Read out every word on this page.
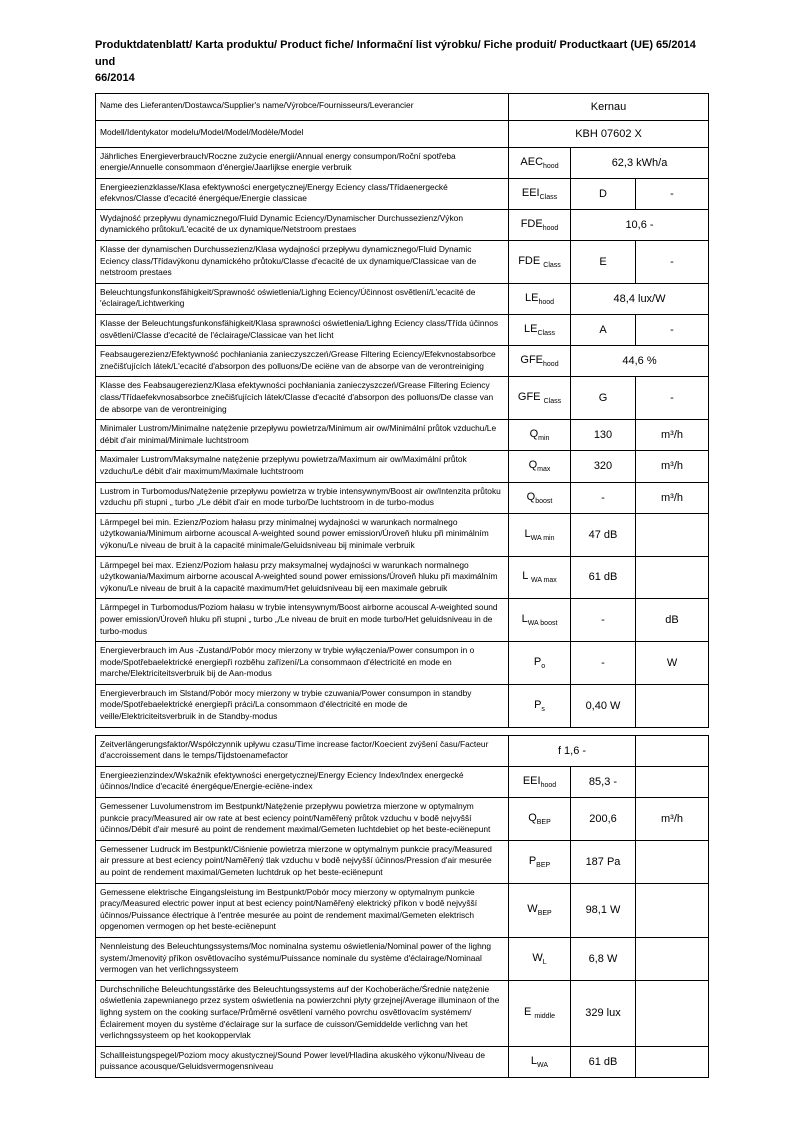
Produktdatenblatt/ Karta produktu/ Product fiche/ Informační list výrobku/ Fiche produit/ Productkaart (UE) 65/2014 und
66/2014
Name des Lieferanten/Dostawca/Supplier's name/Výrobce/Fournisseurs/Leverancier	Kernau		
Modell/Identykator modelu/Model/Model/Modèle/Model	KBH 07602 X		
Jährliches Energieverbrauch/Roczne zużycie energii/Annual energy consumpon/Roční spotřeba energie/Annuelle consommaon d'énergie/Jaarlijkse energie verbruik	$AEC_{hood}$	62,3 kWh/a	
Energieezienzklasse/Klasa efektywności energetycznej/Energy Eciency class/Třídaenergecké efekvnos/Classe d'ecacité énergéque/Energie classicae	$EEI_{Class}$	D	-
Wydajność przepływu dynamicznego/Fluid Dynamic Eciency/Dynamischer Durchussezienz/Výkon dynamického průtoku/L'ecacité de ux dynamique/Netstroom prestaes	$FDE_{hood}$	10,6 -	
Klasse der dynamischen Durchussezienz/Klasa wydajności przepływu dynamicznego/Fluid Dynamic Eciency class/Třídavýkonu dynamického průtoku/Classe d'ecacité de ux dynamique/Classicae van de netstroom prestaes	FDE $_{Class}$	E	-
Beleuchtungsfunkonsfähigkeit/Sprawność oświetlenia/Lighng Eciency/Účinnost osvětlení/L'ecacité de 'éclairage/Lichtwerking	$LE_{hood}$	48,4 lux/W	
Klasse der Beleuchtungsfunkonsfähigkeit/Klasa sprawności oświetlenia/Lighng Eciency class/Třída účinnos osvětlení/Classe d'ecacité de l'éclairage/Classicae van het licht	$LE_{Class}$	A	-
Feabsaugerezienz/Efektywność pochłaniania zanieczyszczeń/Grease Filtering Eciency/Efekvnostabsorbce znečišťujících látek/L'ecacité d'absorpon des polluons/De eciëne van de absorpe van de verontreiniging	$GFE_{hood}$	44,6 %	
Klasse des Feabsaugerezienz/Klasa efektywności pochłaniania zanieczyszczeń/Grease Filtering Eciency class/Třídaefekvnosabsorbce znečišťujících látek/Classe d'ecacité d'absorpon des polluons/De classe van de absorpe van de verontreiniging	GFE $_{Class}$	G	-
Minimaler Lustrom/Minimalne natężenie przepływu powietrza/Minimum air ow/Minimální průtok vzduchu/Le débit d'air minimal/Minimale luchtstroom	$Q_{min}$	130	m³/h
Maximaler Lustrom/Maksymalne natężenie przepływu powietrza/Maximum air ow/Maximální průtok vzduchu/Le débit d'air maximum/Maximale luchtstroom	$Q_{max}$	320	m³/h
Lustrom in Turbomodus/Natężenie przepływu powietrza w trybie intensywnym/Boost air ow/Intenzita průtoku vzduchu při stupni „ turbo „/Le débit d'air en mode turbo/De luchtstroom in de turbo-modus	$Q_{boost}$	-	m³/h
Lärmpegel bei min. Ezienz/Poziom hałasu przy minimalnej wydajności w warunkach normalnego użytkowania/Minimum airborne acouscal A-weighted sound power emission/Úroveň hluku při minimálním výkonu/Le niveau de bruit à la capacité minimale/Geluidsniveau bij minimale verbruik	$L_{WA min}$	47 dB	
Lärmpegel bei max. Ezienz/Poziom hałasu przy maksymalnej wydajności w warunkach normalnego użytkowania/Maximum airborne acouscal A-weighted sound power emissions/Úroveň hluku při maximálním výkonu/Le niveau de bruit à la capacité maximum/Het geluidsniveau bij een maximale gebruik	L $_{WA max}$	61 dB	
Lärmpegel in Turbomodus/Poziom hałasu w trybie intensywnym/Boost airborne acouscal A-weighted sound power emission/Úroveň hluku při stupni „ turbo „/Le niveau de bruit en mode turbo/Het geluidsniveau in de turbo-modus	$L_{WA boost}$	-	dB
Energieverbrauch im Aus -Zustand/Pobór mocy mierzony w trybie wyłączenia/Power consumpon in o mode/Spotřebaelektrické energiepři rozběhu zařízení/La consommaon d'électricité en mode en marche/Elektriciteitsverbruik bij de Aan-modus	$P_o$	-	W
Energieverbrauch im Slstand/Pobór mocy mierzony w trybie czuwania/Power consumpon in standby mode/Spotřebaelektrické energiepři práci/La consommaon d'électricité en mode de veille/Elektriciteitsverbruik in de Standby-modus	$P_s$	0,40 W	
Zeitverlängerungsfaktor/Współczynnik upływu czasu/Time increase factor/Koecient zvýšení času/Facteur d'accroissement dans le temps/Tijdstoenamefactor	f 1,6 -		
Energieezienzindex/Wskaźnik efektywności energetycznej/Energy Eciency Index/Index energecké účinnos/Indice d'ecacité énergéque/Energie-eciëne-index	$EEI_{hood}$	85,3 -	
Gemessener Luvolumenstrom im Bestpunkt/Natężenie przepływu powietrza mierzone w optymalnym punkcie pracy/Measured air ow rate at best eciency point/Naměřený průtok vzduchu v bodě nejvyšší účinnos/Débit d'air mesuré au point de rendement maximal/Gemeten luchtdebiet op het beste-eciënepunt	$Q_{BEP}$	200,6	m³/h
Gemessener Ludruck im Bestpunkt/Ciśnienie powietrza mierzone w optymalnym punkcie pracy/Measured air pressure at best eciency point/Naměřený tlak vzduchu v bodě nejvyšší účinnos/Pression d'air mesurée au point de rendement maximal/Gemeten luchtdruk op het beste-eciënepunt	$P_{BEP}$	187 Pa	
Gemessene elektrische Eingangsleistung im Bestpunkt/Pobór mocy mierzony w optymalnym punkcie pracy/Measured electric power input at best eciency point/Naměřený elektrický příkon v bodě nejvyšší účinnos/Puissance électrique à l'entrée mesurée au point de rendement maximal/Gemeten elektrisch opgenomen vermogen op het beste-eciënepunt	$W_{BEP}$	98,1 W	
Nennleistung des Beleuchtungssystems/Moc nominalna systemu oświetlenia/Nominal power of the lighng system/Jmenovitý příkon osvětlovacího systému/Puissance nominale du système d'éclairage/Nominaal vermogen van het verlichngssysteem	$W_L$	6,8 W	
Durchschniliche Beleuchtungsstärke des Beleuchtungssystems auf der Kochoberäche/Średnie natężenie oświetlenia zapewnianego przez system oświetlenia na powierzchni płyty grzejnej/Average illuminaon of the lighng system on the cooking surface/Průměrné osvětlení varného povrchu osvětlovacím systémem/Éclairement moyen du système d'éclairage sur la surface de cuisson/Gemiddelde verlichng van het verlichngssysteem op het kookoppervlak	E $_{middle}$	329 lux	
Schallleistungspegel/Poziom mocy akustycznej/Sound Power level/Hladina akuského výkonu/Niveau de puissance acousque/Geluidsvermogensniveau	$L_{WA}$	61 dB	
